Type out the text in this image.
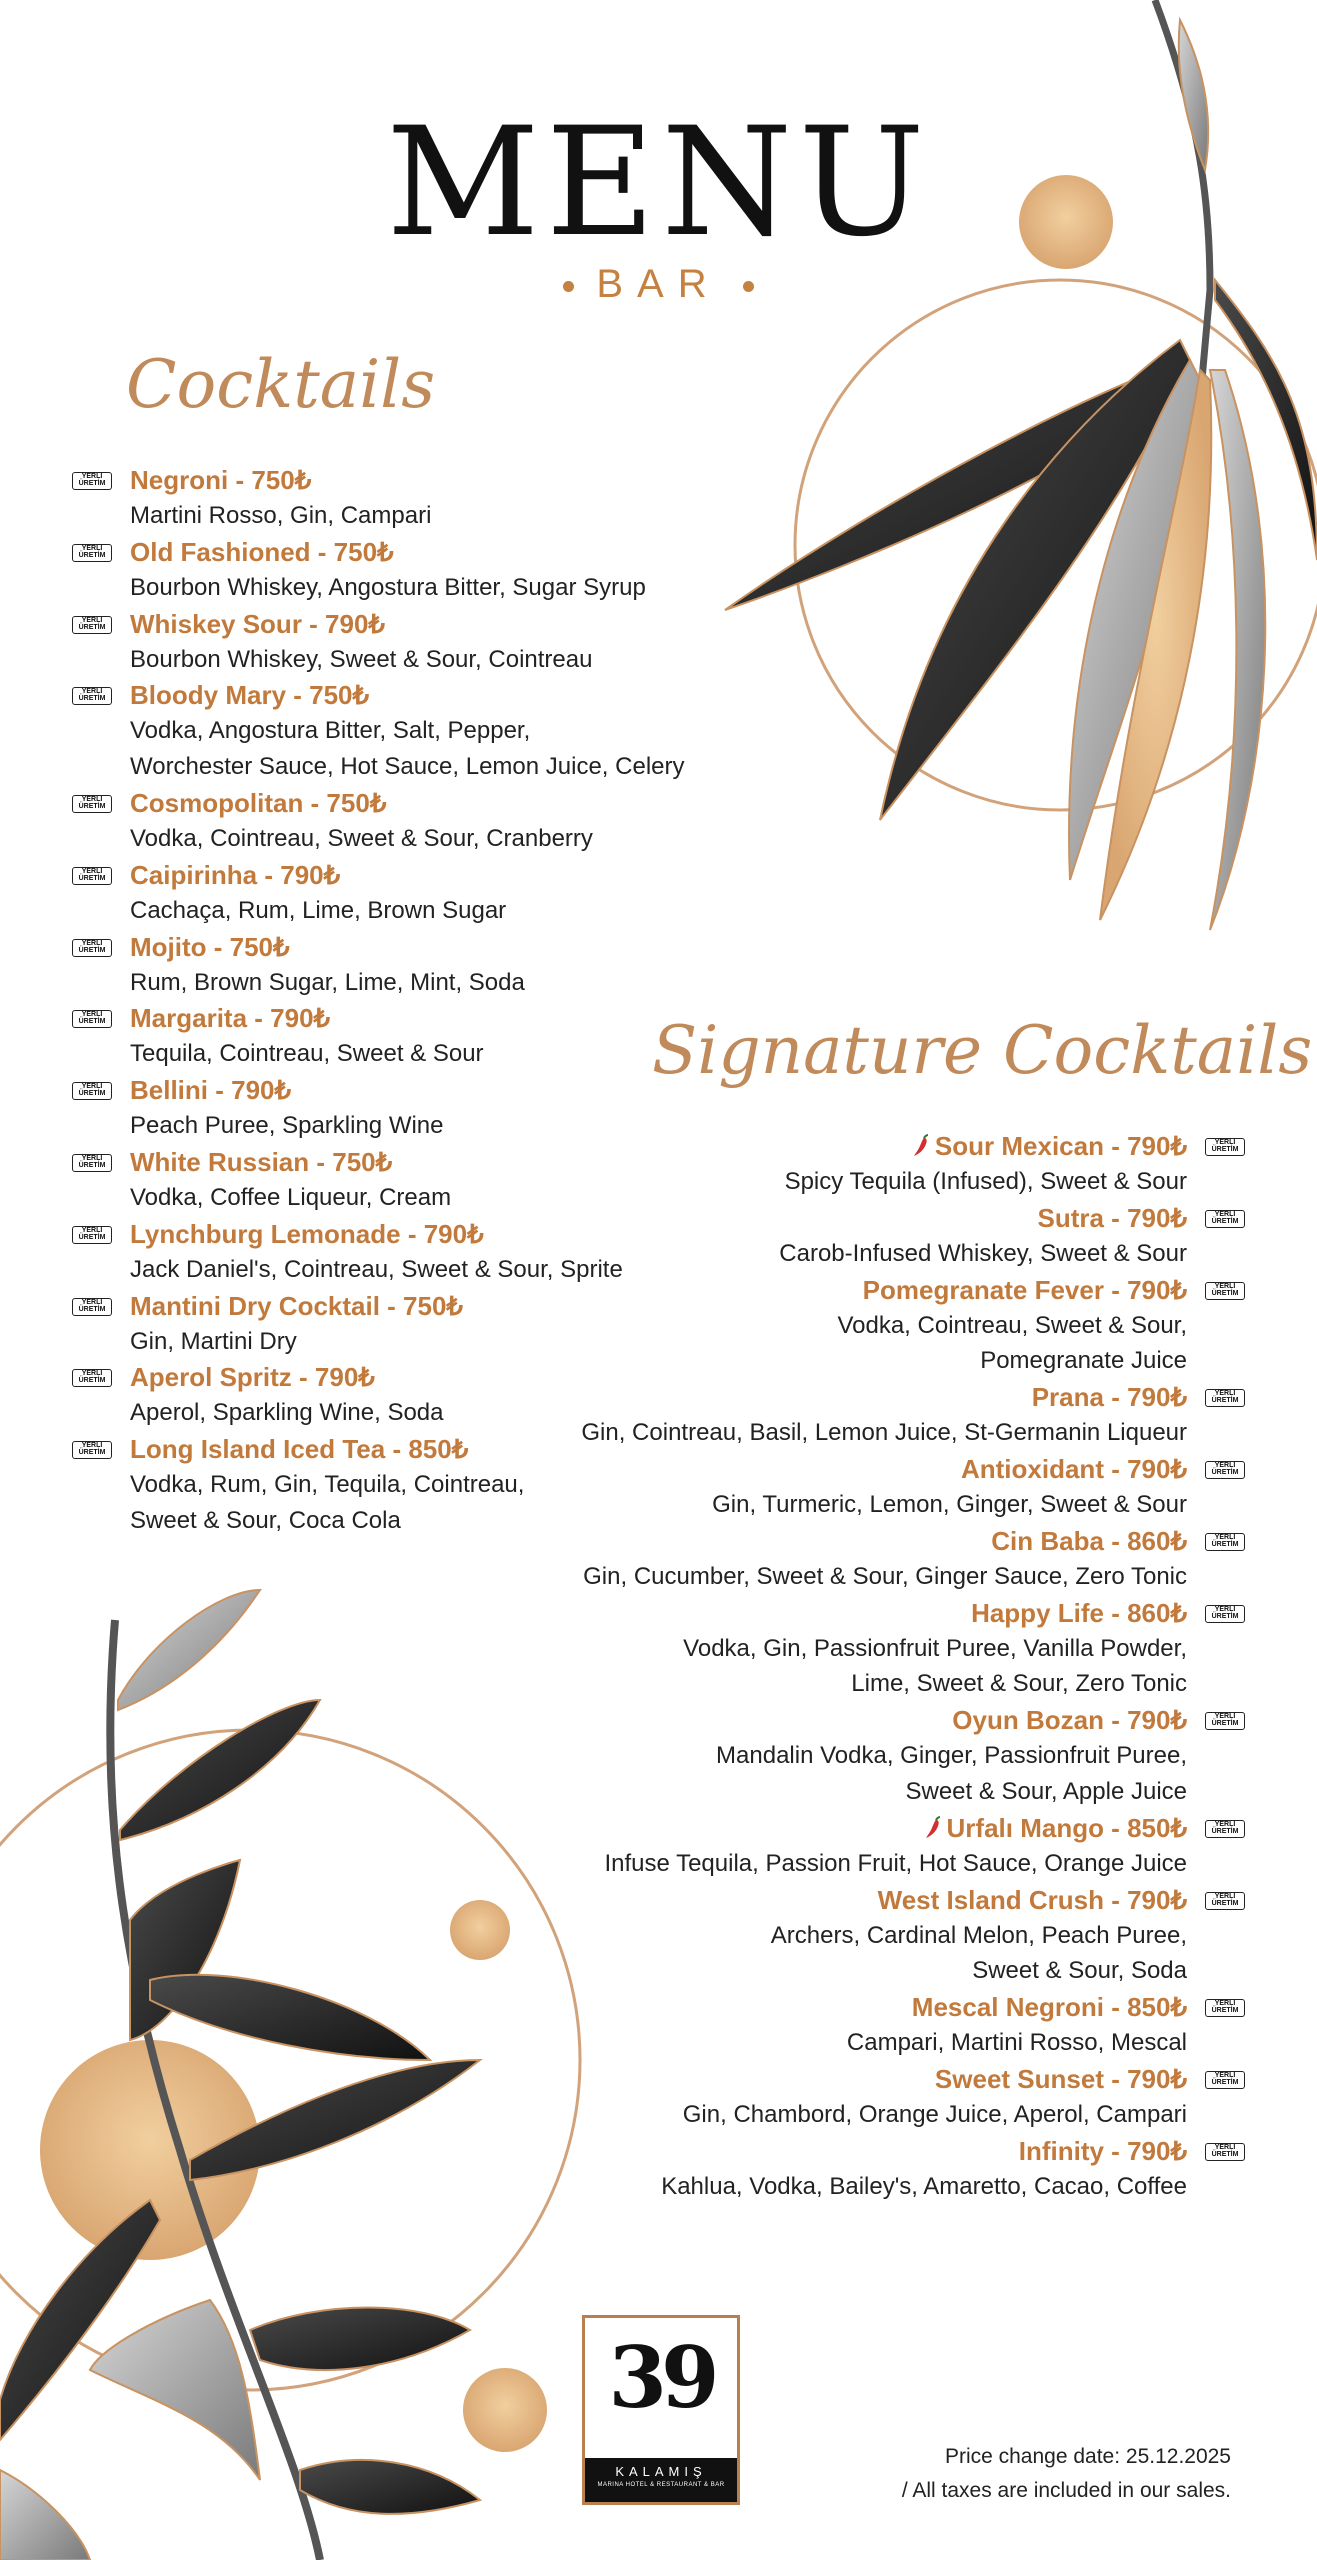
MENU
BAR
Cocktails
YERLİ
ÜRETİM Negroni - 750₺
Martini Rosso, Gin, Campari
YERLİ
ÜRETİM Old Fashioned - 750₺
Bourbon Whiskey, Angostura Bitter, Sugar Syrup
YERLİ
ÜRETİM Whiskey Sour - 790₺
Bourbon Whiskey, Sweet & Sour, Cointreau
YERLİ
ÜRETİM Bloody Mary - 750₺
Vodka, Angostura Bitter, Salt, Pepper,
Worchester Sauce, Hot Sauce, Lemon Juice, Celery
YERLİ
ÜRETİM Cosmopolitan - 750₺
Vodka, Cointreau, Sweet & Sour, Cranberry
YERLİ
ÜRETİM Caipirinha - 790₺
Cachaça, Rum, Lime, Brown Sugar
YERLİ
ÜRETİM Mojito - 750₺
Rum, Brown Sugar, Lime, Mint, Soda
YERLİ
ÜRETİM Margarita - 790₺
Tequila, Cointreau, Sweet & Sour
YERLİ
ÜRETİM Bellini - 790₺
Peach Puree, Sparkling Wine
YERLİ
ÜRETİM White Russian - 750₺
Vodka, Coffee Liqueur, Cream
YERLİ
ÜRETİM Lynchburg Lemonade - 790₺
Jack Daniel's, Cointreau, Sweet & Sour, Sprite
YERLİ
ÜRETİM Mantini Dry Cocktail - 750₺
Gin, Martini Dry
YERLİ
ÜRETİM Aperol Spritz - 790₺
Aperol, Sparkling Wine, Soda
YERLİ
ÜRETİM Long Island Iced Tea - 850₺
Vodka, Rum, Gin, Tequila, Cointreau,
Sweet & Sour, Coca Cola
Signature Cocktails
YERLİ
ÜRETİM
Sour Mexican - 790₺
Spicy Tequila (Infused), Sweet & Sour
YERLİ
ÜRETİM
Sutra - 790₺
Carob-Infused Whiskey, Sweet & Sour
YERLİ
ÜRETİM
Pomegranate Fever - 790₺
Vodka, Cointreau, Sweet & Sour,
Pomegranate Juice
YERLİ
ÜRETİM
Prana - 790₺
Gin, Cointreau, Basil, Lemon Juice, St-Germanin Liqueur
YERLİ
ÜRETİM
Antioxidant - 790₺
Gin, Turmeric, Lemon, Ginger, Sweet & Sour
YERLİ
ÜRETİM
Cin Baba - 860₺
Gin, Cucumber, Sweet & Sour, Ginger Sauce, Zero Tonic
YERLİ
ÜRETİM
Happy Life - 860₺
Vodka, Gin, Passionfruit Puree, Vanilla Powder,
Lime, Sweet & Sour, Zero Tonic
YERLİ
ÜRETİM
Oyun Bozan - 790₺
Mandalin Vodka, Ginger, Passionfruit Puree,
Sweet & Sour, Apple Juice
YERLİ
ÜRETİM
Urfalı Mango - 850₺
Infuse Tequila, Passion Fruit, Hot Sauce, Orange Juice
YERLİ
ÜRETİM
West Island Crush - 790₺
Archers, Cardinal Melon, Peach Puree,
Sweet & Sour, Soda
YERLİ
ÜRETİM
Mescal Negroni - 850₺
Campari, Martini Rosso, Mescal
YERLİ
ÜRETİM
Sweet Sunset - 790₺
Gin, Chambord, Orange Juice, Aperol, Campari
YERLİ
ÜRETİM
Infinity - 790₺
Kahlua, Vodka, Bailey's, Amaretto, Cacao, Coffee
39
KALAMIŞ
MARINA HOTEL & RESTAURANT & BAR
Price change date: 25.12.2025
/ All taxes are included in our sales.
